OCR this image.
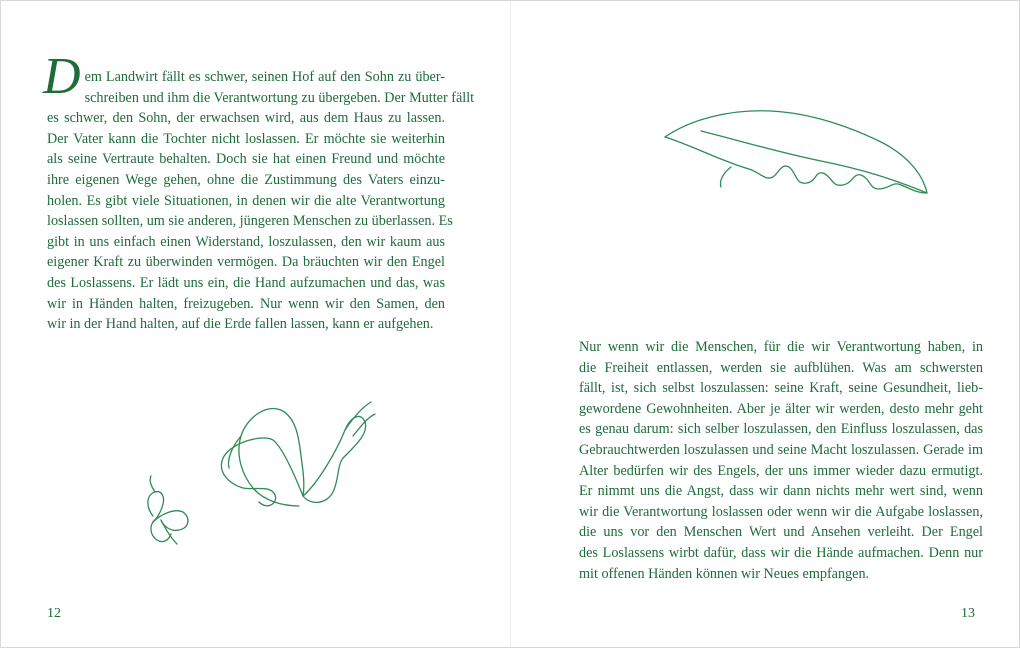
D em Landwirt fällt es schwer, seinen Hof auf den Sohn zu über-
schreiben und ihm die Verantwortung zu übergeben. Der Mutter fällt
es schwer, den Sohn, der erwachsen wird, aus dem Haus zu lassen.
Der Vater kann die Tochter nicht loslassen. Er möchte sie weiterhin
als seine Vertraute behalten. Doch sie hat einen Freund und möchte
ihre eigenen Wege gehen, ohne die Zustimmung des Vaters einzu-
holen. Es gibt viele Situationen, in denen wir die alte Verantwortung
loslassen sollten, um sie anderen, jüngeren Menschen zu überlassen. Es
gibt in uns einfach einen Widerstand, loszulassen, den wir kaum aus
eigener Kraft zu überwinden vermögen. Da bräuchten wir den Engel
des Loslassens. Er lädt uns ein, die Hand aufzumachen und das, was
wir in Händen halten, freizugeben. Nur wenn wir den Samen, den
wir in der Hand halten, auf die Erde fallen lassen, kann er aufgehen.
Nur wenn wir die Menschen, für die wir Verantwortung haben, in
die Freiheit entlassen, werden sie aufblühen. Was am schwersten
fällt, ist, sich selbst loszulassen: seine Kraft, seine Gesundheit, lieb-
gewordene Gewohnheiten. Aber je älter wir werden, desto mehr geht
es genau darum: sich selber loszulassen, den Einfluss loszulassen, das
Gebrauchtwerden loszulassen und seine Macht loszulassen. Gerade im
Alter bedürfen wir des Engels, der uns immer wieder dazu ermutigt.
Er nimmt uns die Angst, dass wir dann nichts mehr wert sind, wenn
wir die Verantwortung loslassen oder wenn wir die Aufgabe loslassen,
die uns vor den Menschen Wert und Ansehen verleiht. Der Engel
des Loslassens wirbt dafür, dass wir die Hände aufmachen. Denn nur
mit offenen Händen können wir Neues empfangen.
12	13
